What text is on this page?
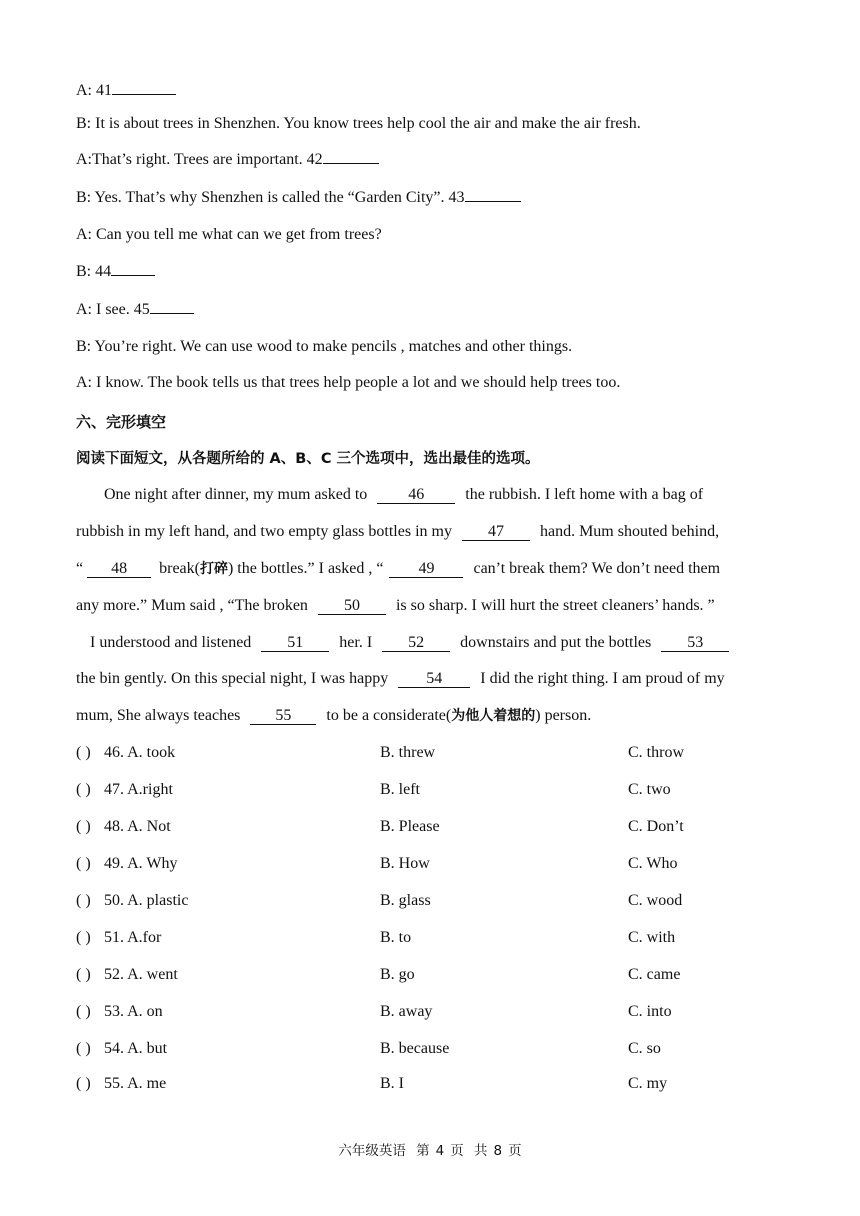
A: 41
B: It is about trees in Shenzhen. You know trees help cool the air and make the air fresh.
A:That’s right. Trees are important. 42
B: Yes. That’s why Shenzhen is called the “Garden City”. 43
A: Can you tell me what can we get from trees?
B: 44
A: I see. 45
B: You’re right. We can use wood to make pencils , matches and other things.
A: I know. The book tells us that trees help people a lot and we should help trees too.
六、完形填空
阅读下面短文，从各题所给的 A、B、C 三个选项中，选出最佳的选项。
One night after dinner, my mum asked to	46	the rubbish. I left home with a bag of
rubbish in my left hand, and two empty glass bottles in my 47 hand. Mum shouted behind,
“ 48 break(打碎) the bottles.” I asked , “ 49 can’t break them? We don’t need them
any more.” Mum said , “The broken 50 is so sharp. I will hurt the street cleaners’ hands. ”
I understood and listened 51 her. I 52 downstairs and put the bottles 53
the bin gently. On this special night, I was happy 54 I did the right thing. I am proud of my
mum, She always teaches 55 to be a considerate(为他人着想的) person.
( ) 46. A. took	B. threw	C. throw
( ) 47. A.right	B. left	C. two
( ) 48. A. Not	B. Please	C. Don’t
( ) 49. A. Why	B. How	C. Who
( ) 50. A. plastic	B. glass	C. wood
( ) 51. A.for	B. to	C. with
( ) 52. A. went	B. go	C. came
( ) 53. A. on	B. away	C. into
( ) 54. A. but	B. because	C. so
( ) 55. A. me	B. I	C. my
六年级英语 第 4 页 共 8 页
